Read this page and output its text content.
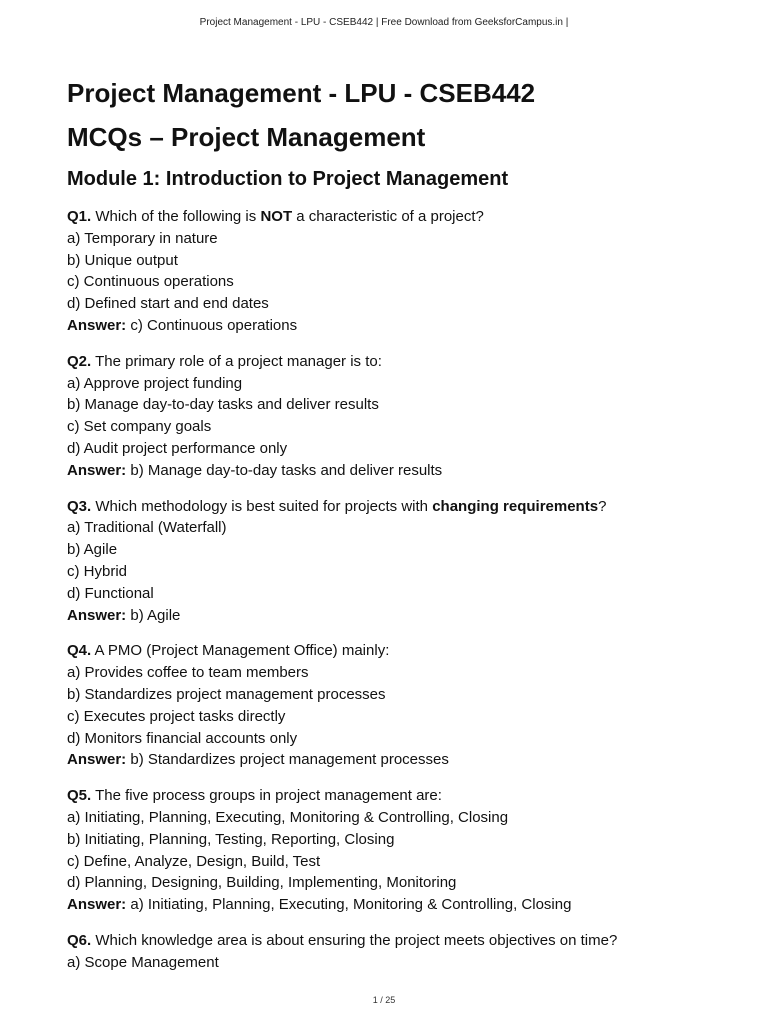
Project Management - LPU - CSEB442 | Free Download from GeeksforCampus.in |
Project Management - LPU - CSEB442
MCQs – Project Management
Module 1: Introduction to Project Management
Q1. Which of the following is NOT a characteristic of a project?
a) Temporary in nature
b) Unique output
c) Continuous operations
d) Defined start and end dates
Answer: c) Continuous operations
Q2. The primary role of a project manager is to:
a) Approve project funding
b) Manage day-to-day tasks and deliver results
c) Set company goals
d) Audit project performance only
Answer: b) Manage day-to-day tasks and deliver results
Q3. Which methodology is best suited for projects with changing requirements?
a) Traditional (Waterfall)
b) Agile
c) Hybrid
d) Functional
Answer: b) Agile
Q4. A PMO (Project Management Office) mainly:
a) Provides coffee to team members
b) Standardizes project management processes
c) Executes project tasks directly
d) Monitors financial accounts only
Answer: b) Standardizes project management processes
Q5. The five process groups in project management are:
a) Initiating, Planning, Executing, Monitoring & Controlling, Closing
b) Initiating, Planning, Testing, Reporting, Closing
c) Define, Analyze, Design, Build, Test
d) Planning, Designing, Building, Implementing, Monitoring
Answer: a) Initiating, Planning, Executing, Monitoring & Controlling, Closing
Q6. Which knowledge area is about ensuring the project meets objectives on time?
a) Scope Management
1 / 25
